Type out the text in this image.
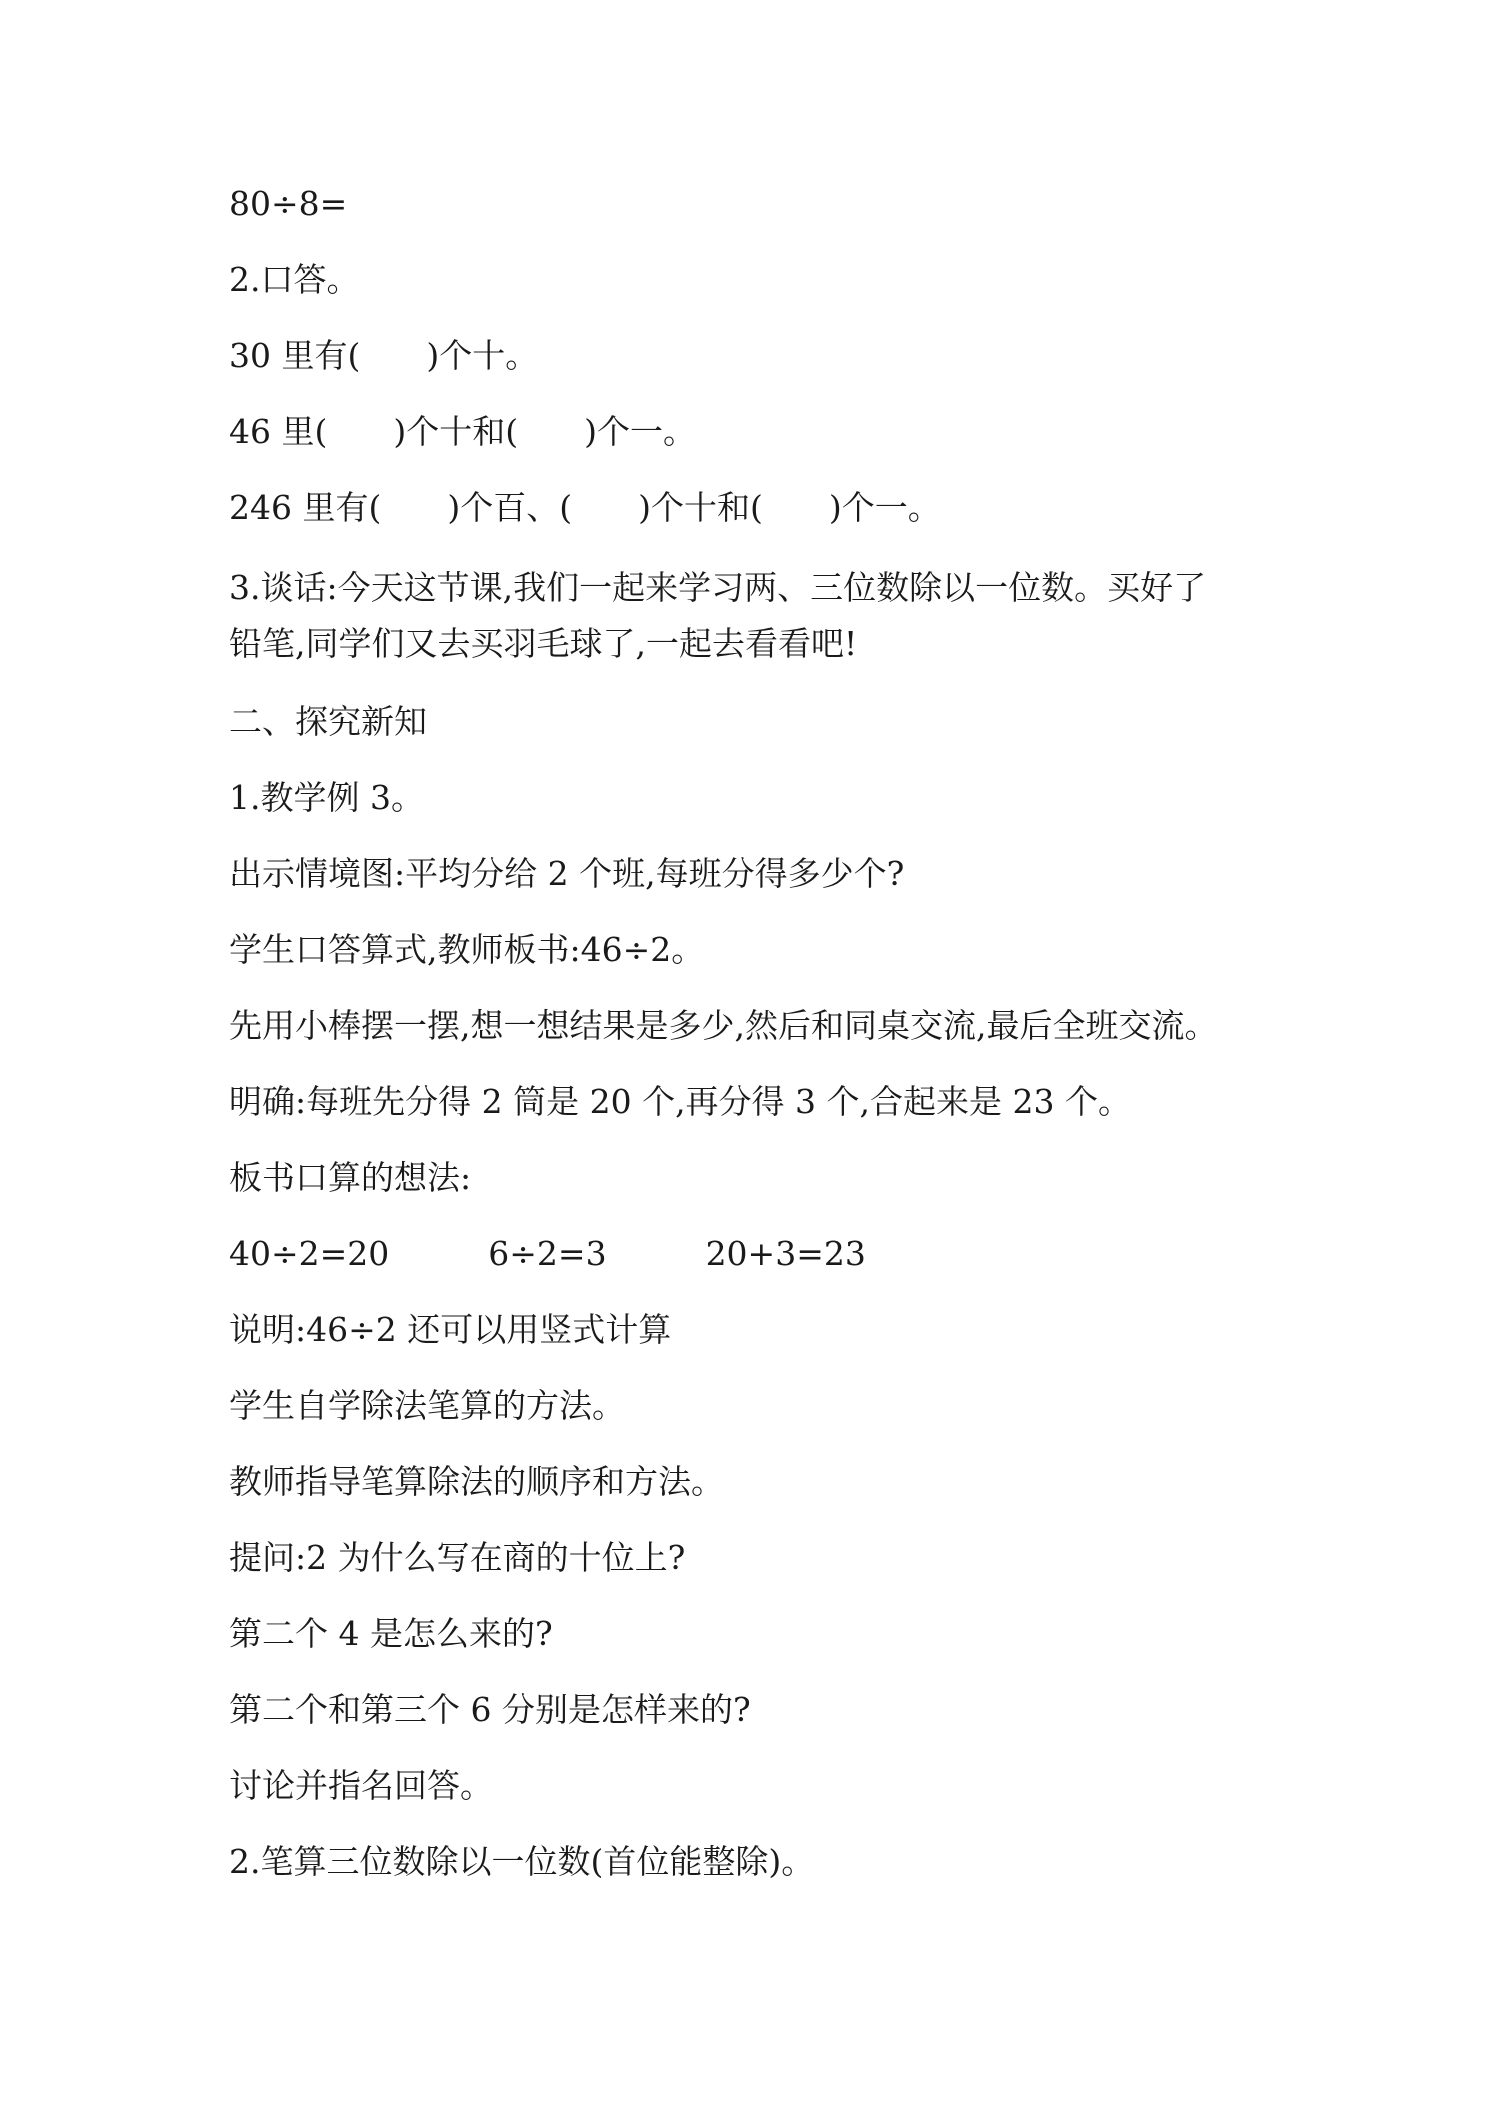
80÷8=

2.口答。

30 里有(　　)个十。

46 里(　　)个十和(　　)个一。

246 里有(　　)个百、(　　)个十和(　　)个一。

3.谈话:今天这节课,我们一起来学习两、三位数除以一位数。买好了
铅笔,同学们又去买羽毛球了,一起去看看吧!

二、探究新知

1.教学例 3。

出示情境图:平均分给 2 个班,每班分得多少个?

学生口答算式,教师板书:46÷2。

先用小棒摆一摆,想一想结果是多少,然后和同桌交流,最后全班交流。

明确:每班先分得 2 筒是 20 个,再分得 3 个,合起来是 23 个。

板书口算的想法:

40÷2=20　　　6÷2=3　　　20+3=23

说明:46÷2 还可以用竖式计算

学生自学除法笔算的方法。

教师指导笔算除法的顺序和方法。

提问:2 为什么写在商的十位上?

第二个 4 是怎么来的?

第二个和第三个 6 分别是怎样来的?

讨论并指名回答。

2.笔算三位数除以一位数(首位能整除)。
